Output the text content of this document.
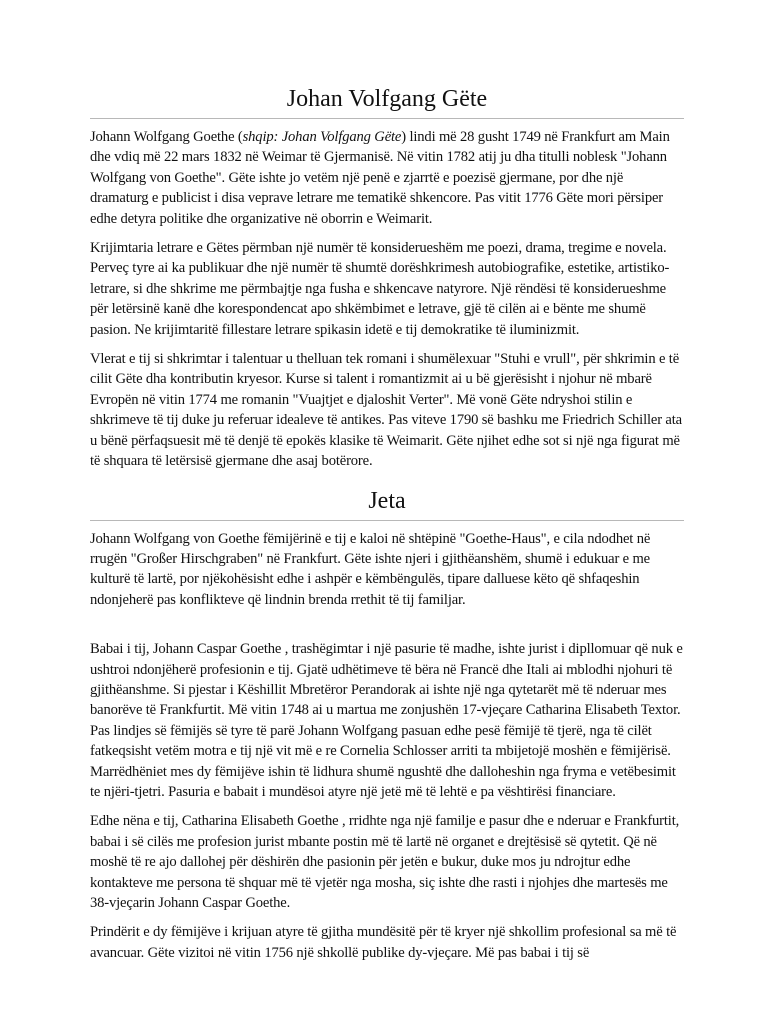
Johan Volfgang Gëte

Johann Wolfgang Goethe (shqip: Johan Volfgang Gëte) lindi më 28 gusht 1749 në Frankfurt am Main dhe vdiq më 22 mars 1832 në Weimar të Gjermanisë. Në vitin 1782 atij ju dha titulli noblesk "Johann Wolfgang von Goethe". Gëte ishte jo vetëm një penë e zjarrtë e poezisë gjermane, por dhe një dramaturg e publicist i disa veprave letrare me tematikë shkencore. Pas vitit 1776 Gëte mori përsiper edhe detyra politike dhe organizative në oborrin e Weimarit.

Krijimtaria letrare e Gëtes përmban një numër të konsiderueshëm me poezi, drama, tregime e novela. Perveç tyre ai ka publikuar dhe një numër të shumtë dorëshkrimesh autobiografike, estetike, artistiko-letrare, si dhe shkrime me përmbajtje nga fusha e shkencave natyrore. Një rëndësi të konsiderueshme për letërsinë kanë dhe korespondencat apo shkëmbimet e letrave, gjë të cilën ai e bënte me shumë pasion. Ne krijimtaritë fillestare letrare spikasin idetë e tij demokratike të iluminizmit.

Vlerat e tij si shkrimtar i talentuar u thelluan tek romani i shumëlexuar "Stuhi e vrull", për shkrimin e të cilit Gëte dha kontributin kryesor. Kurse si talent i romantizmit ai u bë gjerësisht i njohur në mbarë Evropën në vitin 1774 me romanin "Vuajtjet e djaloshit Verter". Më vonë Gëte ndryshoi stilin e shkrimeve të tij duke ju referuar idealeve të antikes. Pas viteve 1790 së bashku me Friedrich Schiller ata u bënë përfaqsuesit më të denjë të epokës klasike të Weimarit. Gëte njihet edhe sot si një nga figurat më të shquara të letërsisë gjermane dhe asaj botërore.

Jeta

Johann Wolfgang von Goethe fëmijërinë e tij e kaloi në shtëpinë "Goethe-Haus", e cila ndodhet në rrugën "Großer Hirschgraben" në Frankfurt. Gëte ishte njeri i gjithëanshëm, shumë i edukuar e me kulturë të lartë, por njëkohësisht edhe i ashpër e këmbëngulës, tipare dalluese këto që shfaqeshin ndonjeherë pas konflikteve që lindnin brenda rrethit të tij familjar.

Babai i tij, Johann Caspar Goethe , trashëgimtar i një pasurie të madhe, ishte jurist i dipllomuar që nuk e ushtroi ndonjëherë profesionin e tij. Gjatë udhëtimeve të bëra në Francë dhe Itali ai mblodhi njohuri të gjithëanshme. Si pjestar i Këshillit Mbretëror Perandorak ai ishte një nga qytetarët më të nderuar mes banorëve të Frankfurtit. Më vitin 1748 ai u martua me zonjushën 17-vjeçare Catharina Elisabeth Textor. Pas lindjes së fëmijës së tyre të parë Johann Wolfgang pasuan edhe pesë fëmijë të tjerë, nga të cilët fatkeqsisht vetëm motra e tij një vit më e re Cornelia Schlosser arriti ta mbijetojë moshën e fëmijërisë. Marrëdhëniet mes dy fëmijëve ishin të lidhura shumë ngushtë dhe dalloheshin nga fryma e vetëbesimit te njëri-tjetri. Pasuria e babait i mundësoi atyre një jetë më të lehtë e pa vështirësi financiare.

Edhe nëna e tij, Catharina Elisabeth Goethe , rridhte nga një familje e pasur dhe e nderuar e Frankfurtit, babai i së cilës me profesion jurist mbante postin më të lartë në organet e drejtësisë së qytetit. Që në moshë të re ajo dallohej për dëshirën dhe pasionin për jetën e bukur, duke mos ju ndrojtur edhe kontakteve me persona të shquar më të vjetër nga mosha, siç ishte dhe rasti i njohjes dhe martesës me 38-vjeçarin Johann Caspar Goethe.

Prindërit e dy fëmijëve i krijuan atyre të gjitha mundësitë për të kryer një shkollim profesional sa më të avancuar. Gëte vizitoi në vitin 1756 një shkollë publike dy-vjeçare. Më pas babai i tij së
